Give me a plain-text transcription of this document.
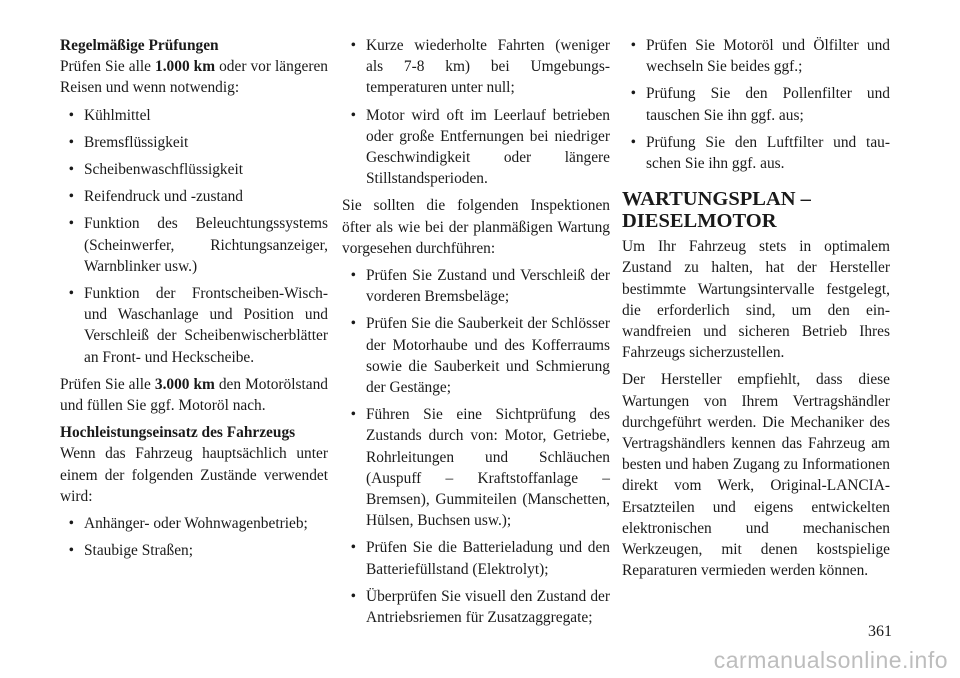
Regelmäßige Prüfungen

Prüfen Sie alle 1.000 km oder vor längeren Reisen und wenn notwendig:

• Kühlmittel
• Bremsflüssigkeit
• Scheibenwaschflüssigkeit
• Reifendruck und -zustand
• Funktion des Beleuchtungssystems (Scheinwerfer, Richtungsanzeiger, Warnblinker usw.)
• Funktion der Frontscheiben-Wisch- und Waschanlage und Position und Verschleiß der Scheibenwischerblätter an Front- und Heckscheibe.

Prüfen Sie alle 3.000 km den Motorölstand und füllen Sie ggf. Motoröl nach.

Hochleistungseinsatz des Fahrzeugs

Wenn das Fahrzeug hauptsächlich unter einem der folgenden Zustände verwendet wird:

• Anhänger- oder Wohnwagenbetrieb;
• Staubige Straßen;
• Kurze wiederholte Fahrten (weniger als 7-8 km) bei Umgebungstemperaturen unter null;
• Motor wird oft im Leerlauf betrieben oder große Entfernungen bei niedriger Geschwindigkeit oder längere Stillstandsperioden.

Sie sollten die folgenden Inspektionen öfter als wie bei der planmäßigen Wartung vorgesehen durchführen:

• Prüfen Sie Zustand und Verschleiß der vorderen Bremsbeläge;
• Prüfen Sie die Sauberkeit der Schlösser der Motorhaube und des Kofferraums sowie die Sauberkeit und Schmierung der Gestänge;
• Führen Sie eine Sichtprüfung des Zustands durch von: Motor, Getriebe, Rohrleitungen und Schläuchen (Auspuff – Kraftstoffanlage – Bremsen), Gummiteilen (Manschetten, Hülsen, Buchsen usw.);
• Prüfen Sie die Batterieladung und den Batteriefüllstand (Elektrolyt);
• Überprüfen Sie visuell den Zustand der Antriebsriemen für Zusatzaggregate;
• Prüfen Sie Motoröl und Ölfilter und wechseln Sie beides ggf.;
• Prüfung Sie den Pollenfilter und tauschen Sie ihn ggf. aus;
• Prüfung Sie den Luftfilter und tauschen Sie ihn ggf. aus.
WARTUNGSPLAN – DIESELMOTOR

Um Ihr Fahrzeug stets in optimalem Zustand zu halten, hat der Hersteller bestimmte Wartungsintervalle festgelegt, die erforderlich sind, um den einwandfreien und sicheren Betrieb Ihres Fahrzeugs sicherzustellen.

Der Hersteller empfiehlt, dass diese Wartungen von Ihrem Vertragshändler durchgeführt werden. Die Mechaniker des Vertragshändlers kennen das Fahrzeug am besten und haben Zugang zu Informationen direkt vom Werk, Original-LANCIA-Ersatzteilen und eigens entwickelten elektronischen und mechanischen Werkzeugen, mit denen kostspielige Reparaturen vermieden werden können.

361
carmanualsonline.info
